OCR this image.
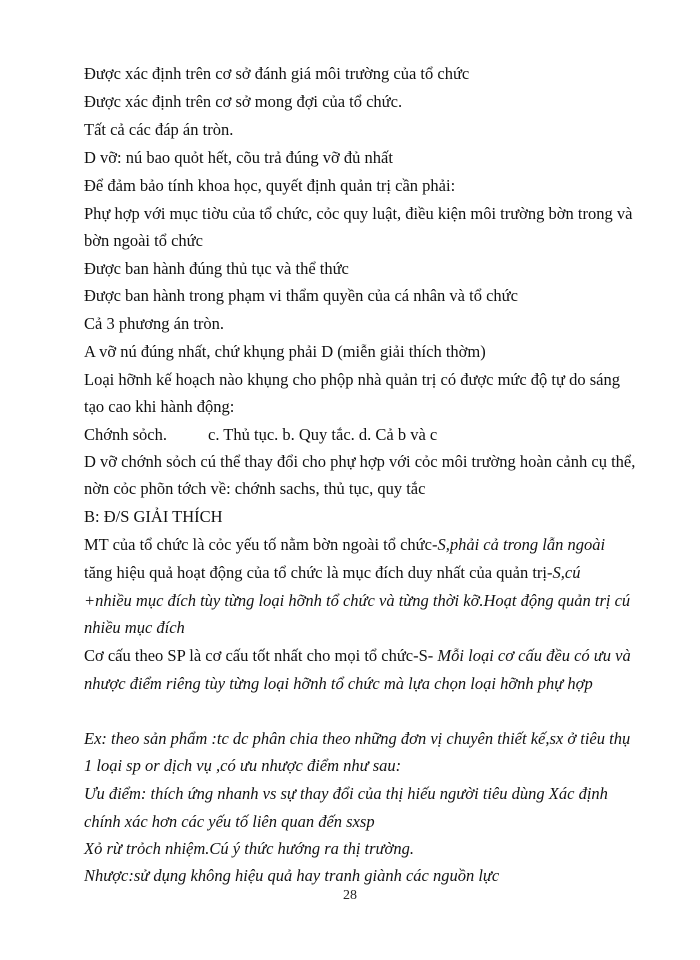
Được xác định trên cơ sở đánh giá môi trường của tổ chức
Được xác định trên cơ sở mong đợi của tổ chức.
Tất cả các đáp án tròn.
D vỡ: nú bao quỏt hết, cõu trả đúng vỡ đủ nhất
Để đảm bảo tính khoa học, quyết định quản trị cần phải:
Phự hợp với mục tiờu của tổ chức, cỏc quy luật, điều kiện môi trường bờn trong và
bờn ngoài tổ chức
Được ban hành đúng thủ tục và thể thức
Được ban hành trong phạm vi thẩm quyền của cá nhân và tổ chức
Cả 3 phương án tròn.
A vỡ nú đúng nhất, chứ khụng phải D (miễn giải thích thờm)
Loại hỡnh kế hoạch nào khụng cho phộp nhà quản trị có được mức độ tự do sáng
tạo cao khi hành động:
Chớnh sỏch. c. Thủ tục. b. Quy tắc. d. Cả b và c
D vỡ chớnh sỏch cú thể thay đổi cho phự hợp với cỏc môi trường hoàn cảnh cụ thể,
nờn cỏc phõn tớch về: chớnh sachs, thủ tục, quy tắc
B: Đ/S GIẢI THÍCH
MT của tổ chức là cỏc yếu tố nằm bờn ngoài tổ chức-S,phải cả trong lẫn ngoài
tăng hiệu quả hoạt động của tổ chức là mục đích duy nhất của quản trị-S,cú
+nhiều mục đích tùy từng loại hỡnh tổ chức và từng thời kỡ.Hoạt động quản trị cú
nhiều mục đích
Cơ cấu theo SP là cơ cấu tốt nhất cho mọi tổ chức-S- Mỗi loại cơ cấu đều có ưu và
nhược điểm riêng tùy từng loại hỡnh tổ chức mà lựa chọn loại hỡnh phự hợp
Ex: theo sản phẩm :tc dc phân chia theo những đơn vị chuyên thiết kế,sx ở tiêu thụ
1 loại sp or dịch vụ ,có ưu nhược điểm như sau:
Ưu điểm: thích ứng nhanh vs sự thay đổi của thị hiếu người tiêu dùng Xác định
chính xác hơn các yếu tố liên quan đến sxsp
Xỏ rừ trỏch nhiệm.Cú ý thức hướng ra thị trường.
Nhược:sử dụng không hiệu quả hay tranh giành các nguồn lực
28
